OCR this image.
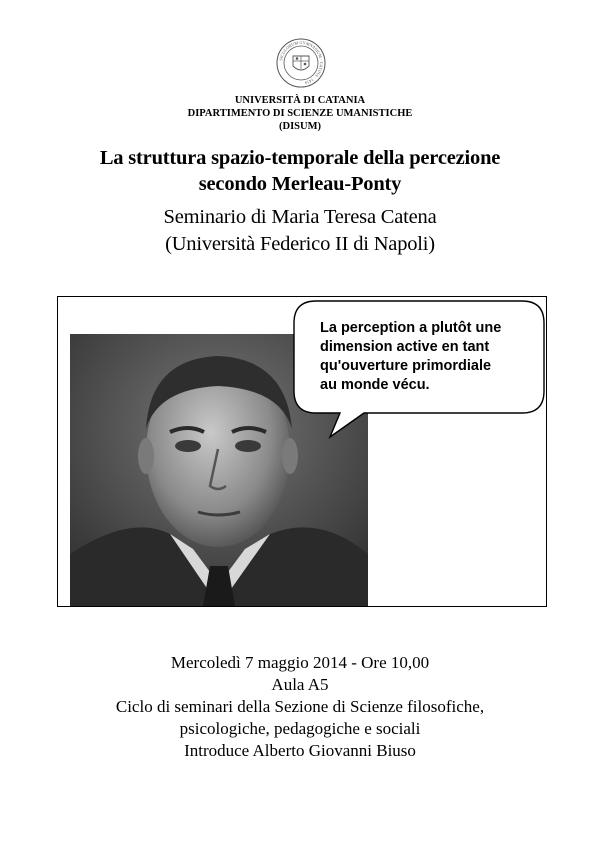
SICULORUM GYMNASIUM · CATINA · 1434
UNIVERSITÀ DI CATANIA
DIPARTIMENTO DI SCIENZE UMANISTICHE
(DISUM)
La struttura spazio-temporale della percezione
secondo Merleau-Ponty
Seminario di Maria Teresa Catena
(Università Federico II di Napoli)
La perception a plutôt une
dimension active en tant
qu'ouverture primordiale
au monde vécu.
Mercoledì 7 maggio 2014 - Ore 10,00
Aula A5
Ciclo di seminari della Sezione di Scienze filosofiche,
psicologiche, pedagogiche e sociali
Introduce Alberto Giovanni Biuso
